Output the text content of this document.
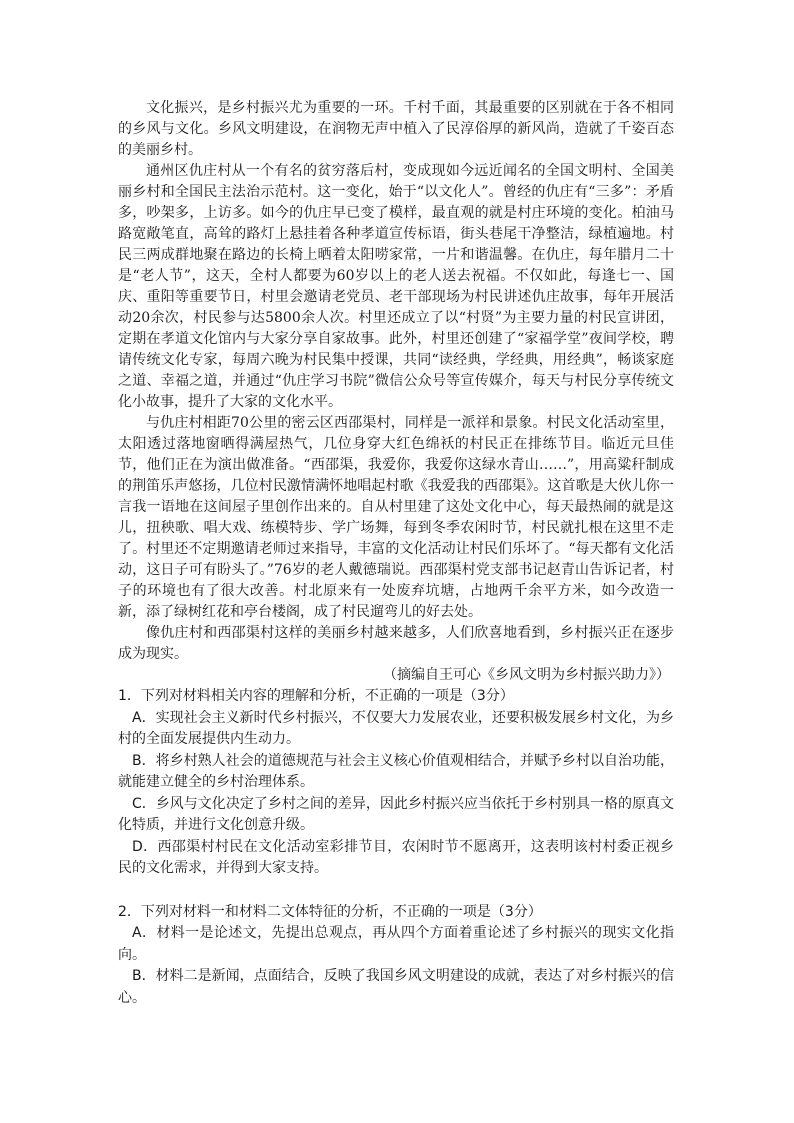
文化振兴，是乡村振兴尤为重要的一环。千村千面，其最重要的区别就在于各不相同的乡风与文化。乡风文明建设，在润物无声中植入了民淳俗厚的新风尚，造就了千姿百态的美丽乡村。

通州区仇庄村从一个有名的贫穷落后村，变成现如今远近闻名的全国文明村、全国美丽乡村和全国民主法治示范村。这一变化，始于“以文化人”。曾经的仇庄有“三多”：矛盾多，吵架多，上访多。如今的仇庄早已变了模样，最直观的就是村庄环境的变化。柏油马路宽敞笔直，高耸的路灯上悬挂着各种孝道宣传标语，街头巷尾干净整洁，绿植遍地。村民三两成群地聚在路边的长椅上晒着太阳唠家常，一片和谐温馨。在仇庄，每年腊月二十是“老人节”，这天，全村人都要为60岁以上的老人送去祝福。不仅如此，每逢七一、国庆、重阳等重要节日，村里会邀请老党员、老干部现场为村民讲述仇庄故事，每年开展活动20余次，村民参与达5800余人次。村里还成立了以“村贤”为主要力量的村民宣讲团，定期在孝道文化馆内与大家分享自家故事。此外，村里还创建了“家福学堂”夜间学校，聘请传统文化专家，每周六晚为村民集中授课，共同“读经典，学经典，用经典”，畅谈家庭之道、幸福之道，并通过“仇庄学习书院”微信公众号等宣传媒介，每天与村民分享传统文化小故事，提升了大家的文化水平。

与仇庄村相距70公里的密云区西邵渠村，同样是一派祥和景象。村民文化活动室里，太阳透过落地窗晒得满屋热气，几位身穿大红色绵袄的村民正在排练节目。临近元旦佳节，他们正在为演出做准备。“西邵渠，我爱你，我爱你这绿水青山……”，用高粱秆制成的荆笛乐声悠扬，几位村民激情满怀地唱起村歌《我爱我的西邵渠》。这首歌是大伙儿你一言我一语地在这间屋子里创作出来的。自从村里建了这处文化中心，每天最热闹的就是这儿，扭秧歌、唱大戏、练模特步、学广场舞，每到冬季农闲时节，村民就扎根在这里不走了。村里还不定期邀请老师过来指导，丰富的文化活动让村民们乐坏了。“每天都有文化活动，这日子可有盼头了。”76岁的老人戴德瑞说。西邵渠村党支部书记赵青山告诉记者，村子的环境也有了很大改善。村北原来有一处废弃坑塘，占地两千余平方米，如今改造一新，添了绿树红花和亭台楼阁，成了村民遛弯儿的好去处。

像仇庄村和西邵渠村这样的美丽乡村越来越多，人们欣喜地看到，乡村振兴正在逐步成为现实。

（摘编自王可心《乡风文明为乡村振兴助力》）

1．下列对材料相关内容的理解和分析，不正确的一项是（3分）

A．实现社会主义新时代乡村振兴，不仅要大力发展农业，还要积极发展乡村文化，为乡村的全面发展提供内生动力。

B．将乡村熟人社会的道德规范与社会主义核心价值观相结合，并赋予乡村以自治功能，就能建立健全的乡村治理体系。

C．乡风与文化决定了乡村之间的差异，因此乡村振兴应当依托于乡村别具一格的原真文化特质，并进行文化创意升级。

D．西邵渠村村民在文化活动室彩排节目，农闲时节不愿离开，这表明该村村委正视乡民的文化需求，并得到大家支持。

2．下列对材料一和材料二文体特征的分析，不正确的一项是（3分）

A．材料一是论述文，先提出总观点，再从四个方面着重论述了乡村振兴的现实文化指向。

B．材料二是新闻，点面结合，反映了我国乡风文明建设的成就，表达了对乡村振兴的信心。
